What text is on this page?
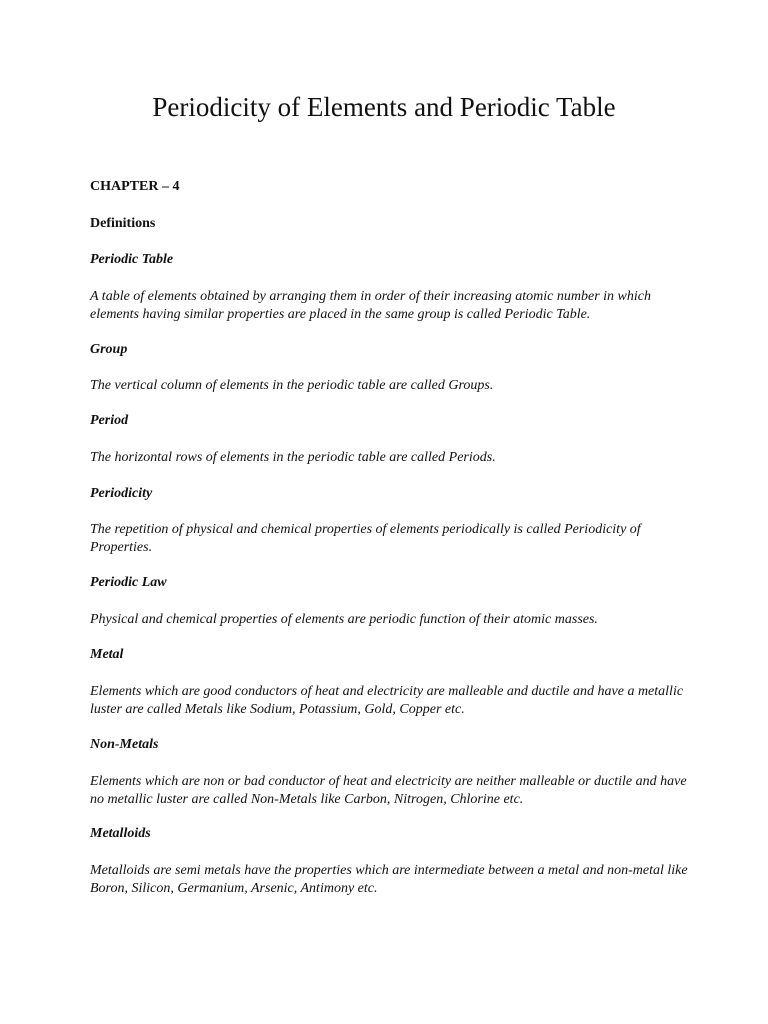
Periodicity of Elements and Periodic Table

CHAPTER – 4

Definitions

Periodic Table

A table of elements obtained by arranging them in order of their increasing atomic number in which elements having similar properties are placed in the same group is called Periodic Table.

Group

The vertical column of elements in the periodic table are called Groups.

Period

The horizontal rows of elements in the periodic table are called Periods.

Periodicity

The repetition of physical and chemical properties of elements periodically is called Periodicity of Properties.

Periodic Law

Physical and chemical properties of elements are periodic function of their atomic masses.

Metal

Elements which are good conductors of heat and electricity are malleable and ductile and have a metallic luster are called Metals like Sodium, Potassium, Gold, Copper etc.

Non-Metals

Elements which are non or bad conductor of heat and electricity are neither malleable or ductile and have no metallic luster are called Non-Metals like Carbon, Nitrogen, Chlorine etc.

Metalloids

Metalloids are semi metals have the properties which are intermediate between a metal and non-metal like Boron, Silicon, Germanium, Arsenic, Antimony etc.
